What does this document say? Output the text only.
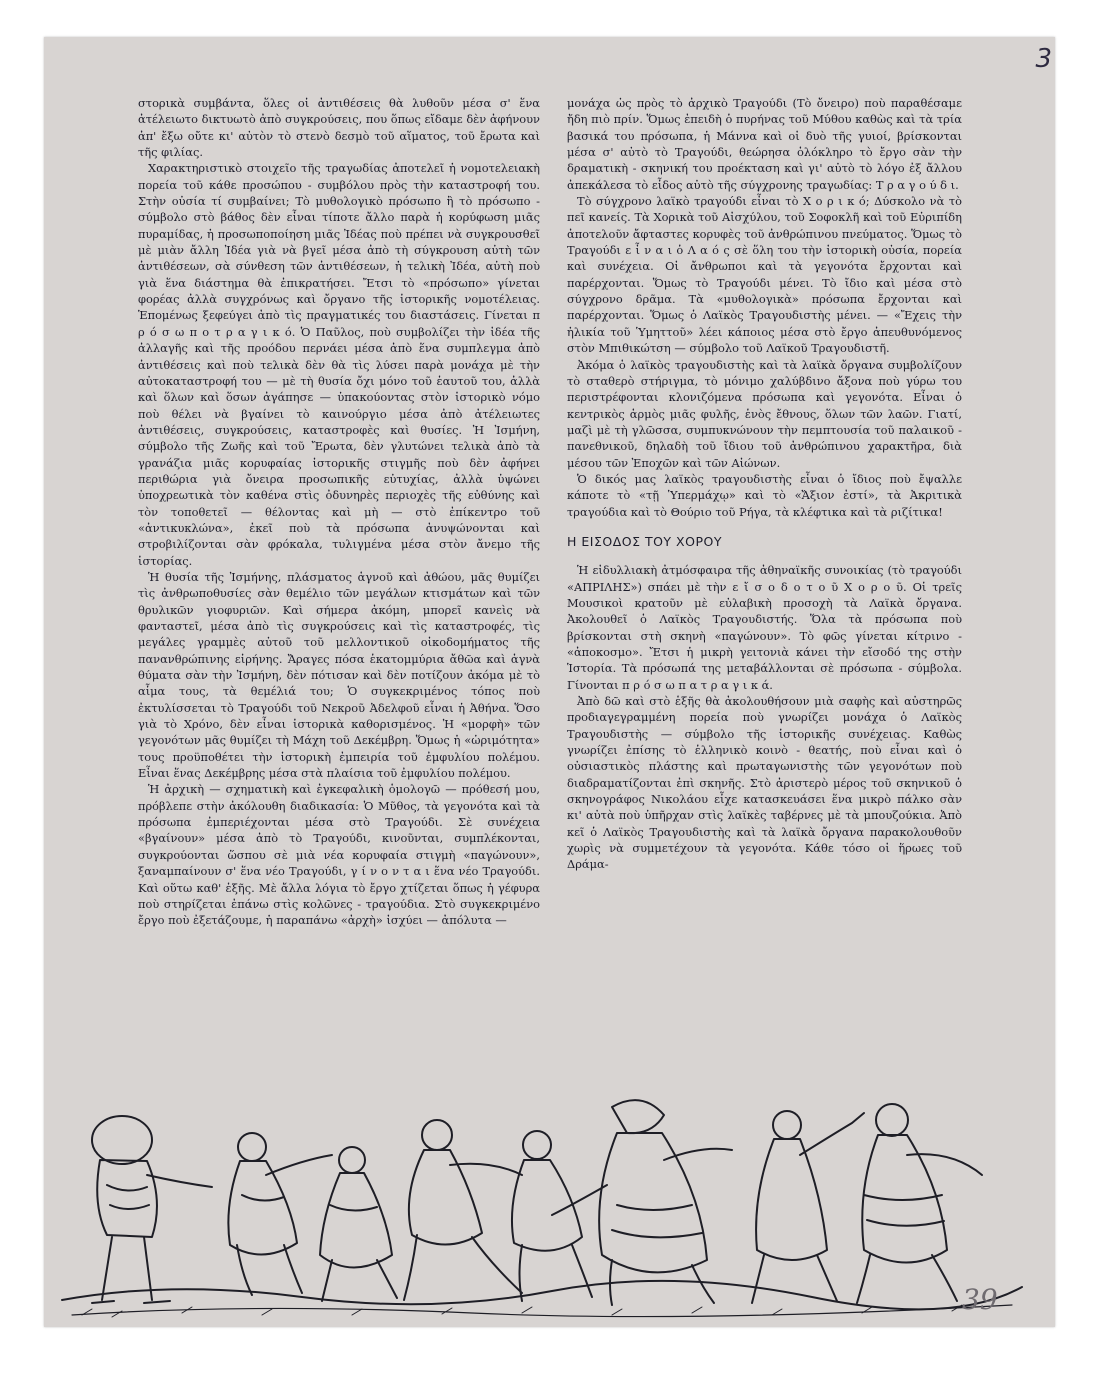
3

στορικὰ συμβάντα, ὅλες οἱ ἀντιθέσεις θὰ λυθοῦν μέσα σ' ἕνα ἀτέλειωτο δικτυωτὸ ἀπὸ συγκρούσεις, που ὅπως εἴδαμε δὲν ἀφήνουν ἀπ' ἔξω οὔτε κι' αὐτὸν τὸ στενὸ δεσμὸ τοῦ αἵματος, τοῦ ἔρωτα καὶ τῆς φιλίας.

Χαρακτηριστικὸ στοιχεῖο τῆς τραγωδίας ἀποτελεῖ ἡ νομοτελειακὴ πορεία τοῦ κάθε προσώπου - συμβόλου πρὸς τὴν καταστροφή του. Στὴν οὐσία τί συμβαίνει; Τὸ μυθολογικὸ πρόσωπο ἢ τὸ πρόσωπο - σύμβολο στὸ βάθος δὲν εἶναι τίποτε ἄλλο παρὰ ἡ κορύφωση μιᾶς πυραμίδας, ἡ προσωποποίηση μιᾶς Ἰδέας ποὺ πρέπει νὰ συγκρουσθεῖ μὲ μιὰν ἄλλη Ἰδέα γιὰ νὰ βγεῖ μέσα ἀπὸ τὴ σύγκρουση αὐτὴ τῶν ἀντιθέσεων, σὰ σύνθεση τῶν ἀντιθέσεων, ἡ τελικὴ Ἰδέα, αὐτὴ ποὺ γιὰ ἕνα διάστημα θὰ ἐπικρατήσει. Ἔτσι τὸ «πρόσωπο» γίνεται φορέας ἀλλὰ συγχρόνως καὶ ὄργανο τῆς ἱστορικῆς νομοτέλειας. Ἑπομένως ξεφεύγει ἀπὸ τὶς πραγματικές του διαστάσεις. Γίνεται π ρ ό σ ω π ο τ ρ α γ ι κ ό. Ὁ Παῦλος, ποὺ συμβολίζει τὴν ἰδέα τῆς ἀλλαγῆς καὶ τῆς προόδου περνάει μέσα ἀπὸ ἕνα συμπλεγμα ἀπὸ ἀντιθέσεις καὶ ποὺ τελικὰ δὲν θὰ τὶς λύσει παρὰ μονάχα μὲ τὴν αὐτοκαταστροφή του — μὲ τὴ θυσία ὄχι μόνο τοῦ ἑαυτοῦ του, ἀλλὰ καὶ ὅλων καὶ ὅσων ἀγάπησε — ὑπακούοντας στὸν ἱστορικὸ νόμο ποὺ θέλει νὰ βγαίνει τὸ καινούργιο μέσα ἀπὸ ἀτέλειωτες ἀντιθέσεις, συγκρούσεις, καταστροφὲς καὶ θυσίες. Ἡ Ἰσμήνη, σύμβολο τῆς Ζωῆς καὶ τοῦ Ἔρωτα, δὲν γλυτώνει τελικὰ ἀπὸ τὰ γρανάζια μιᾶς κορυφαίας ἱστορικῆς στιγμῆς ποὺ δὲν ἀφήνει περιθώρια γιὰ ὄνειρα προσωπικῆς εὐτυχίας, ἀλλὰ ὑψώνει ὑποχρεωτικὰ τὸν καθένα στὶς ὀδυνηρὲς περιοχὲς τῆς εὐθύνης καὶ τὸν τοποθετεῖ — θέλοντας καὶ μὴ — στὸ ἐπίκεντρο τοῦ «ἀντικυκλώνα», ἐκεῖ ποὺ τὰ πρόσωπα ἀνυψώνονται καὶ στροβιλίζονται σὰν φρόκαλα, τυλιγμένα μέσα στὸν ἄνεμο τῆς ἱστορίας.

Ἡ θυσία τῆς Ἰσμήνης, πλάσματος ἁγνοῦ καὶ ἀθώου, μᾶς θυμίζει τὶς ἀνθρωποθυσίες σὰν θεμέλιο τῶν μεγάλων κτισμάτων καὶ τῶν θρυλικῶν γιοφυριῶν. Καὶ σήμερα ἀκόμη, μπορεῖ κανεὶς νὰ φανταστεῖ, μέσα ἀπὸ τὶς συγκρούσεις καὶ τὶς καταστροφές, τὶς μεγάλες γραμμὲς αὐτοῦ τοῦ μελλοντικοῦ οἰκοδομήματος τῆς πανανθρώπινης εἰρήνης. Ἄραγες πόσα ἑκατομμύρια ἄθῶα καὶ ἁγνὰ θύματα σὰν τὴν Ἰσμήνη, δὲν πότισαν καὶ δὲν ποτίζουν ἀκόμα μὲ τὸ αἷμα τους, τὰ θεμέλιά του; Ὁ συγκεκριμένος τόπος ποὺ ἐκτυλίσσεται τὸ Τραγούδι τοῦ Νεκροῦ Ἀδελφοῦ εἶναι ἡ Ἀθήνα. Ὅσο γιὰ τὸ Χρόνο, δὲν εἶναι ἱστορικὰ καθορισμένος. Ἡ «μορφὴ» τῶν γεγονότων μᾶς θυμίζει τὴ Μάχη τοῦ Δεκέμβρη. Ὅμως ἡ «ὡριμότητα» τους προϋποθέτει τὴν ἱστορικὴ ἐμπειρία τοῦ ἐμφυλίου πολέμου. Εἶναι ἕνας Δεκέμβρης μέσα στὰ πλαίσια τοῦ ἐμφυλίου πολέμου.

Ἡ ἀρχικὴ — σχηματικὴ καὶ ἐγκεφαλικὴ ὁμολογῶ — πρόθεσή μου, πρόβλεπε στὴν ἀκόλουθη διαδικασία: Ὁ Μῦθος, τὰ γεγονότα καὶ τὰ πρόσωπα ἐμπεριέχονται μέσα στὸ Τραγούδι. Σὲ συνέχεια «βγαίνουν» μέσα ἀπὸ τὸ Τραγούδι, κινοῦνται, συμπλέκονται, συγκρούονται ὥσπου σὲ μιὰ νέα κορυφαία στιγμὴ «παγώνουν», ξαναμπαίνουν σ' ἕνα νέο Τραγούδι, γ ί ν ο ν τ α ι ἕνα νέο Τραγούδι. Καὶ οὕτω καθ' ἑξῆς. Μὲ ἄλλα λόγια τὸ ἔργο χτίζεται ὅπως ἡ γέφυρα ποὺ στηρίζεται ἐπάνω στὶς κολῶνες - τραγούδια. Στὸ συγκεκριμένο ἔργο ποὺ ἐξετάζουμε, ἡ παραπάνω «ἀρχὴ» ἰσχύει — ἀπόλυτα —

μονάχα ὡς πρὸς τὸ ἀρχικὸ Τραγούδι (Τὸ ὄνειρο) ποὺ παραθέσαμε ἤδη πιὸ πρίν. Ὅμως ἐπειδὴ ὁ πυρήνας τοῦ Μύθου καθὼς καὶ τὰ τρία βασικά του πρόσωπα, ἡ Μάννα καὶ οἱ δυὸ τῆς γυιοί, βρίσκονται μέσα σ' αὐτὸ τὸ Τραγούδι, θεώρησα ὁλόκληρο τὸ ἔργο σὰν τὴν δραματικὴ - σκηνική του προέκταση καὶ γι' αὐτὸ τὸ λόγο ἐξ ἄλλου ἀπεκάλεσα τὸ εἶδος αὐτὸ τῆς σύγχρονης τραγωδίας: Τ ρ α γ ο ύ δ ι.

Τὸ σύγχρονο λαϊκὸ τραγούδι εἶναι τὸ Χ ο ρ ι κ ό; Δύσκολο νὰ τὸ πεῖ κανείς. Τὰ Χορικὰ τοῦ Αἰσχύλου, τοῦ Σοφοκλῆ καὶ τοῦ Εὐριπίδη ἀποτελοῦν ἄφταστες κορυφὲς τοῦ ἀνθρώπινου πνεύματος. Ὅμως τὸ Τραγούδι ε ἶ ν α ι ὁ Λ α ό ς σὲ ὅλη του τὴν ἱστορικὴ οὐσία, πορεία καὶ συνέχεια. Οἱ ἄνθρωποι καὶ τὰ γεγονότα ἔρχονται καὶ παρέρχονται. Ὅμως τὸ Τραγούδι μένει. Τὸ ἴδιο καὶ μέσα στὸ σύγχρονο δρᾶμα. Τὰ «μυθολογικὰ» πρόσωπα ἔρχονται καὶ παρέρχονται. Ὅμως ὁ Λαϊκὸς Τραγουδιστὴς μένει. — «Ἔχεις τὴν ἡλικία τοῦ Ὑμηττοῦ» λέει κάποιος μέσα στὸ ἔργο ἀπευθυνόμενος στὸν Μπιθικώτση — σύμβολο τοῦ Λαϊκοῦ Τραγουδιστῆ.

Ἀκόμα ὁ λαϊκὸς τραγουδιστὴς καὶ τὰ λαϊκὰ ὄργανα συμβολίζουν τὸ σταθερὸ στήριγμα, τὸ μόνιμο χαλύβδινο ἄξονα ποὺ γύρω του περιστρέφονται κλονιζόμενα πρόσωπα καὶ γεγονότα. Εἶναι ὁ κεντρικὸς ἁρμὸς μιᾶς φυλῆς, ἑνὸς ἔθνους, ὅλων τῶν λαῶν. Γιατί, μαζὶ μὲ τὴ γλῶσσα, συμπυκνώνουν τὴν πεμπτουσία τοῦ παλαικοῦ - πανεθνικοῦ, δηλαδὴ τοῦ ἴδιου τοῦ ἀνθρώπινου χαρακτῆρα, διὰ μέσου τῶν Ἐποχῶν καὶ τῶν Αἰώνων.

Ὁ δικός μας λαϊκὸς τραγουδιστὴς εἶναι ὁ ἴδιος ποὺ ἔψαλλε κάποτε τὸ «τῇ Ὑπερμάχῳ» καὶ τὸ «Ἄξιον ἐστί», τὰ Ἀκριτικὰ τραγούδια καὶ τὸ Θούριο τοῦ Ρήγα, τὰ κλέφτικα καὶ τὰ ριζίτικα!

Η ΕΙΣΟΔΟΣ ΤΟΥ ΧΟΡΟΥ

Ἡ εἰδυλλιακὴ ἀτμόσφαιρα τῆς ἀθηναϊκῆς συνοικίας (τὸ τραγούδι «ΑΠΡΙΛΗΣ») σπάει μὲ τὴν ε ἴ σ ο δ ο τ ο ῦ Χ ο ρ ο ῦ. Οἱ τρεῖς Μουσικοὶ κρατοῦν μὲ εὐλαβικὴ προσοχὴ τὰ Λαϊκὰ ὄργανα. Ἀκολουθεῖ ὁ Λαϊκὸς Τραγουδιστής. Ὅλα τὰ πρόσωπα ποὺ βρίσκονται στὴ σκηνὴ «παγώνουν». Τὸ φῶς γίνεται κίτρινο - «ἀποκοσμο». Ἔτσι ἡ μικρὴ γειτονιὰ κάνει τὴν εἴσοδό της στὴν Ἱστορία. Τὰ πρόσωπά της μεταβάλλονται σὲ πρόσωπα - σύμβολα. Γίνονται π ρ ό σ ω π α τ ρ α γ ι κ ά.

Ἀπὸ δῶ καὶ στὸ ἑξῆς θὰ ἀκολουθήσουν μιὰ σαφὴς καὶ αὐστηρῶς προδιαγεγραμμένη πορεία ποὺ γνωρίζει μονάχα ὁ Λαϊκὸς Τραγουδιστὴς — σύμβολο τῆς ἱστορικῆς συνέχειας. Καθὼς γνωρίζει ἐπίσης τὸ ἑλληνικὸ κοινὸ - θεατής, ποὺ εἶναι καὶ ὁ οὐσιαστικὸς πλάστης καὶ πρωταγωνιστὴς τῶν γεγονότων ποὺ διαδραματίζονται ἐπὶ σκηνῆς. Στὸ ἀριστερὸ μέρος τοῦ σκηνικοῦ ὁ σκηνογράφος Νικολάου εἶχε κατασκευάσει ἕνα μικρὸ πάλκο σὰν κι' αὐτὰ ποὺ ὑπῆρχαν στὶς λαϊκὲς ταβέρνες μὲ τὰ μπουζούκια. Ἀπὸ κεῖ ὁ Λαϊκὸς Τραγουδιστὴς καὶ τὰ λαϊκὰ ὄργανα παρακολουθοῦν χωρὶς νὰ συμμετέχουν τὰ γεγονότα. Κάθε τόσο οἱ ἥρωες τοῦ Δράμα-

39
